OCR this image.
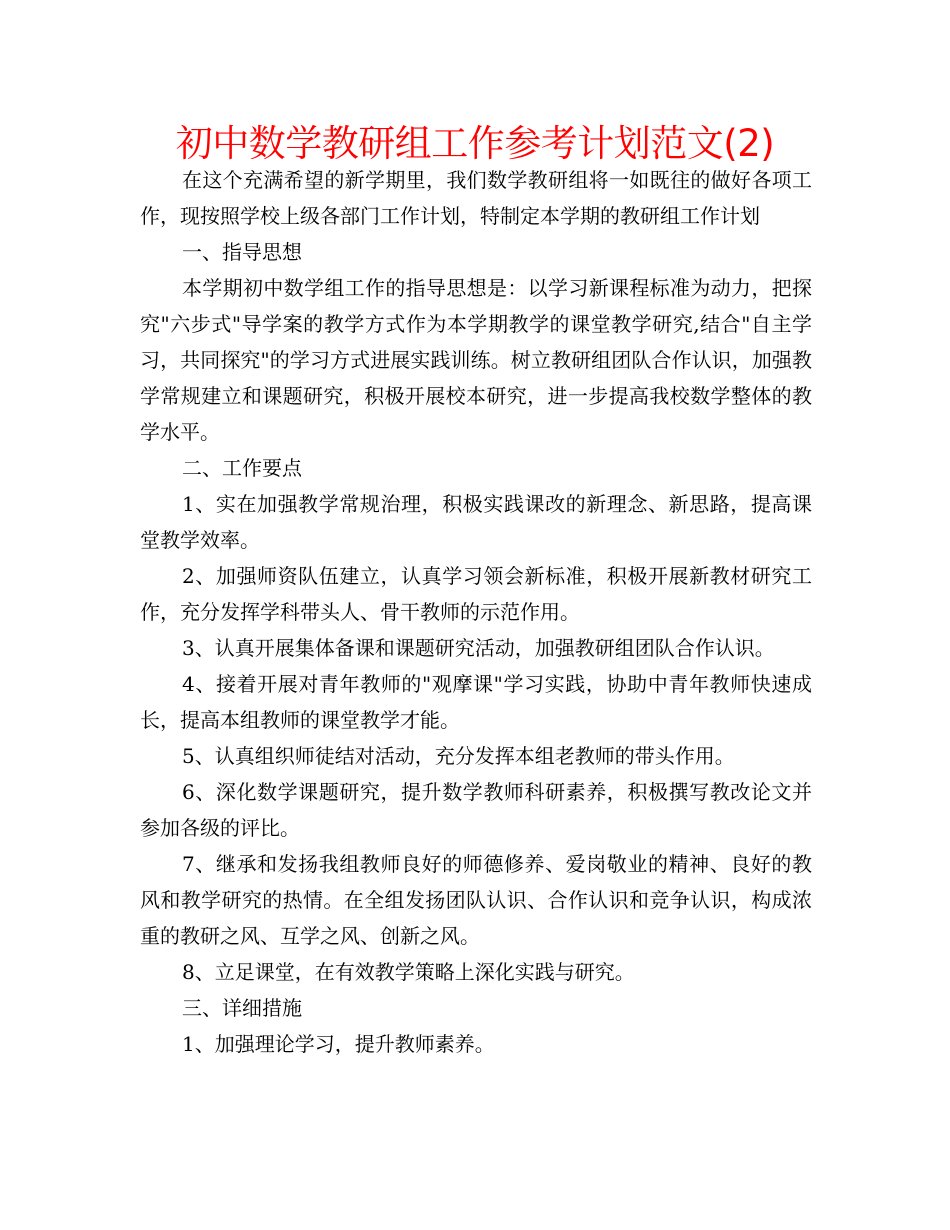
初中数学教研组工作参考计划范文(2)

在这个充满希望的新学期里，我们数学教研组将一如既往的做好各项工作，现按照学校上级各部门工作计划，特制定本学期的教研组工作计划

一、指导思想

本学期初中数学组工作的指导思想是：以学习新课程标准为动力，把探究"六步式"导学案的教学方式作为本学期教学的课堂教学研究,结合"自主学习，共同探究"的学习方式进展实践训练。树立教研组团队合作认识，加强教学常规建立和课题研究，积极开展校本研究，进一步提高我校数学整体的教学水平。

二、工作要点

1、实在加强教学常规治理，积极实践课改的新理念、新思路，提高课堂教学效率。

2、加强师资队伍建立，认真学习领会新标准，积极开展新教材研究工作，充分发挥学科带头人、骨干教师的示范作用。

3、认真开展集体备课和课题研究活动，加强教研组团队合作认识。

4、接着开展对青年教师的"观摩课"学习实践，协助中青年教师快速成长，提高本组教师的课堂教学才能。

5、认真组织师徒结对活动，充分发挥本组老教师的带头作用。

6、深化数学课题研究，提升数学教师科研素养，积极撰写教改论文并参加各级的评比。

7、继承和发扬我组教师良好的师德修养、爱岗敬业的精神、良好的教风和教学研究的热情。在全组发扬团队认识、合作认识和竞争认识，构成浓重的教研之风、互学之风、创新之风。

8、立足课堂，在有效教学策略上深化实践与研究。

三、详细措施

1、加强理论学习，提升教师素养。
